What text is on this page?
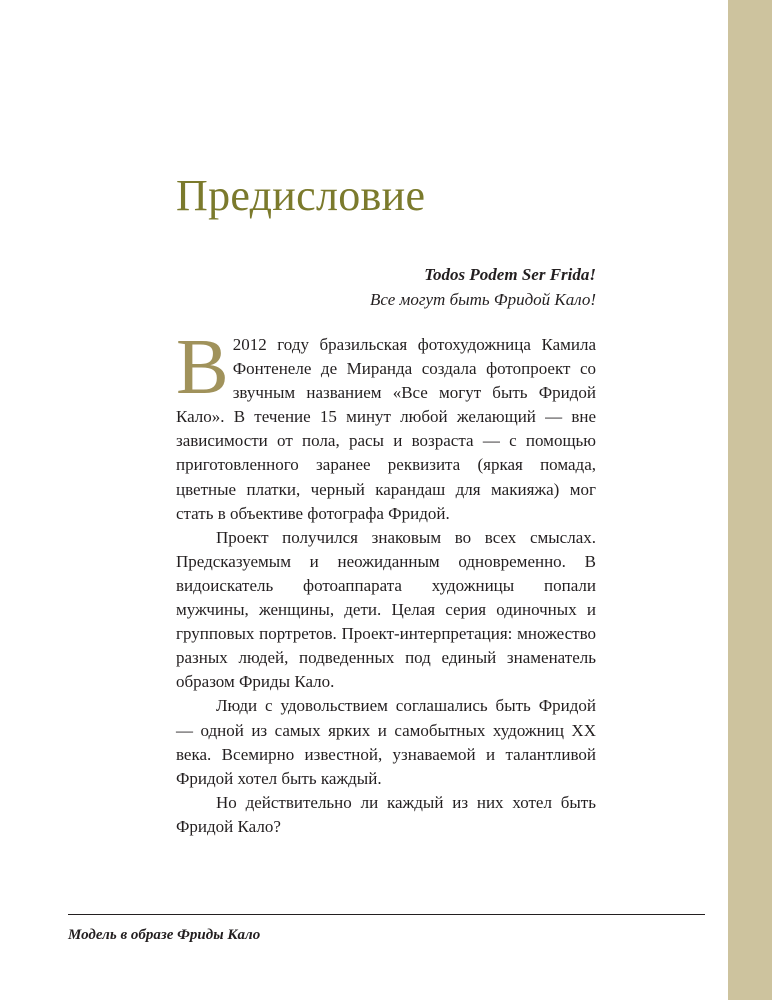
Предисловие
Todos Podem Ser Frida!
Все могут быть Фридой Кало!

В 2012 году бразильская фотохудожница Камила Фонтенеле де Миранда создала фотопроект со звучным названием «Все могут быть Фридой Кало». В течение 15 минут любой желающий — вне зависимости от пола, расы и возраста — с помощью приготовленного заранее реквизита (яркая помада, цветные платки, черный карандаш для макияжа) мог стать в объективе фотографа Фридой.

Проект получился знаковым во всех смыслах. Предсказуемым и неожиданным одновременно. В видоискатель фотоаппарата художницы попали мужчины, женщины, дети. Целая серия одиночных и групповых портретов. Проект-интерпретация: множество разных людей, подведенных под единый знаменатель образом Фриды Кало.

Люди с удовольствием соглашались быть Фридой — одной из самых ярких и самобытных художниц XX века. Всемирно известной, узнаваемой и талантливой Фридой хотел быть каждый.

Но действительно ли каждый из них хотел быть Фридой Кало?

Модель в образе Фриды Кало
